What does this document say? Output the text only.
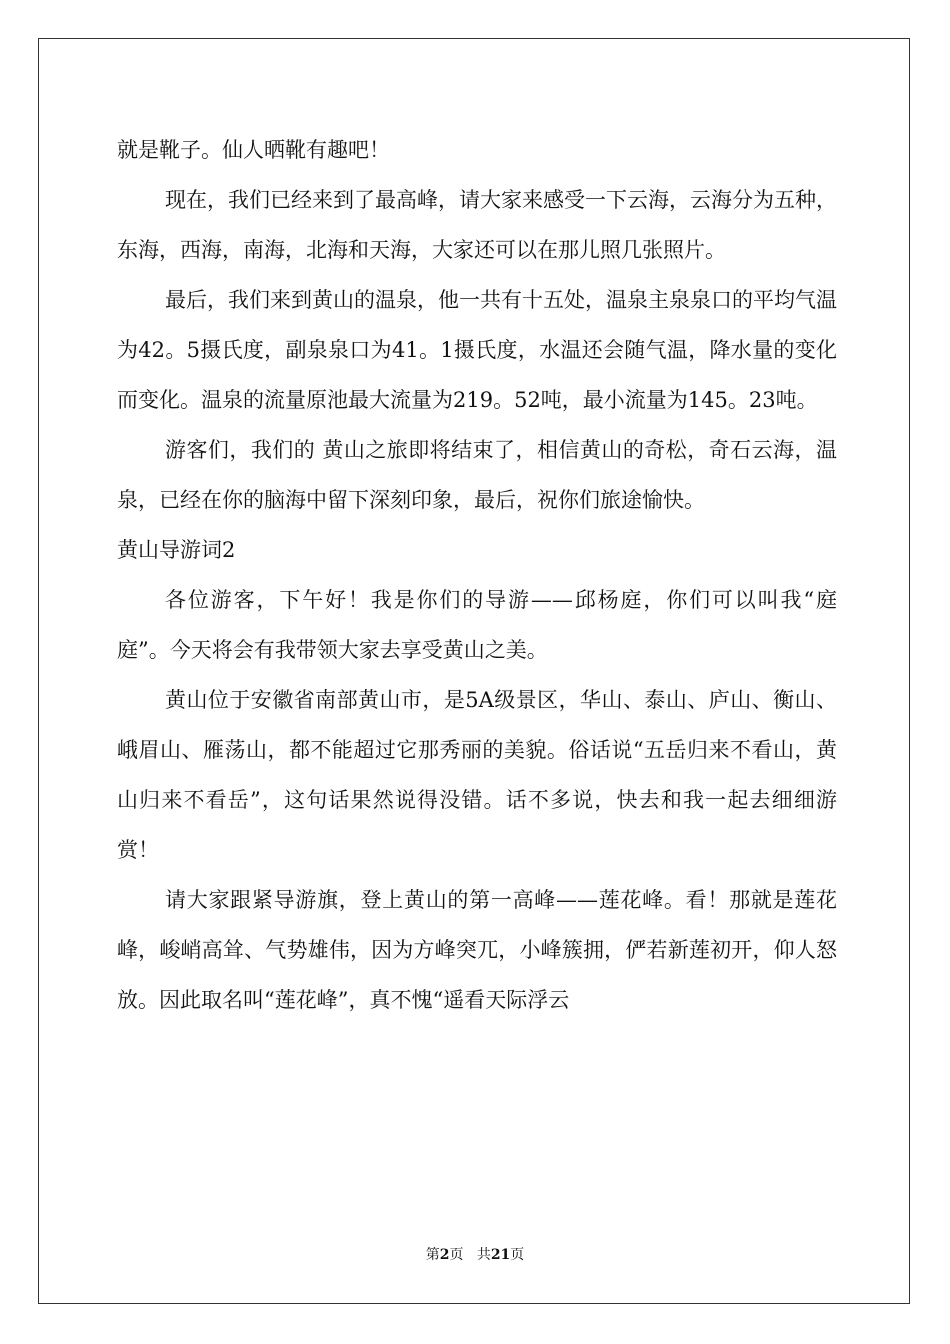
就是靴子。仙人晒靴有趣吧！

现在，我们已经来到了最高峰，请大家来感受一下云海，云海分为五种，东海，西海，南海，北海和天海，大家还可以在那儿照几张照片。

最后，我们来到黄山的温泉，他一共有十五处，温泉主泉泉口的平均气温为42。5摄氏度，副泉泉口为41。1摄氏度，水温还会随气温，降水量的变化而变化。温泉的流量原池最大流量为219。52吨，最小流量为145。23吨。

游客们，我们的 黄山之旅即将结束了，相信黄山的奇松，奇石云海，温泉，已经在你的脑海中留下深刻印象，最后，祝你们旅途愉快。

黄山导游词2

各位游客，下午好！我是你们的导游——邱杨庭，你们可以叫我“庭庭”。今天将会有我带领大家去享受黄山之美。

黄山位于安徽省南部黄山市，是5A级景区，华山、泰山、庐山、衡山、峨眉山、雁荡山，都不能超过它那秀丽的美貌。俗话说“五岳归来不看山，黄山归来不看岳”，这句话果然说得没错。话不多说，快去和我一起去细细游赏！

请大家跟紧导游旗，登上黄山的第一高峰——莲花峰。看！那就是莲花峰，峻峭高耸、气势雄伟，因为方峰突兀，小峰簇拥，俨若新莲初开，仰人怒放。因此取名叫“莲花峰”，真不愧“遥看天际浮云

第2页 共21页
